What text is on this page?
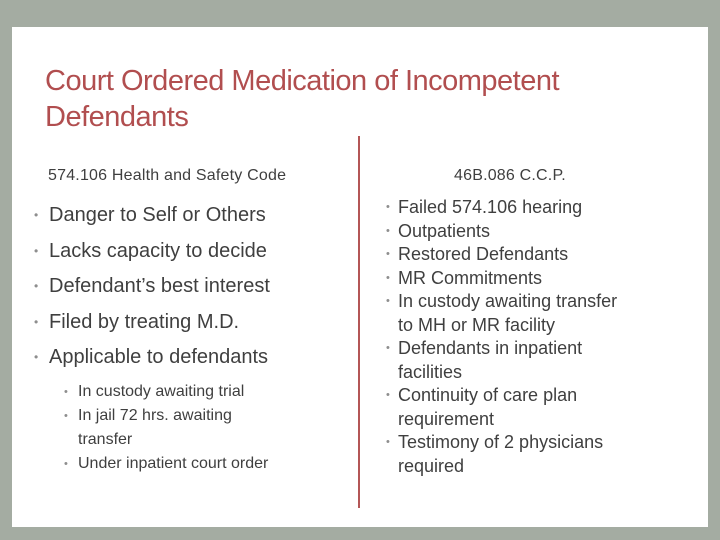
Court Ordered Medication of Incompetent
Defendants
574.106 Health and Safety Code	46B.086 C.C.P.
• Danger to Self or Others
• Lacks capacity to decide
• Defendant’s best interest
• Filed by treating M.D.
• Applicable to defendants
• In custody awaiting trial
• In jail 72 hrs. awaiting
transfer
• Under inpatient court order
• Failed 574.106 hearing
• Outpatients
• Restored Defendants
• MR Commitments
• In custody awaiting transfer
to MH or MR facility
• Defendants in inpatient
facilities
• Continuity of care plan
requirement
• Testimony of 2 physicians
required
